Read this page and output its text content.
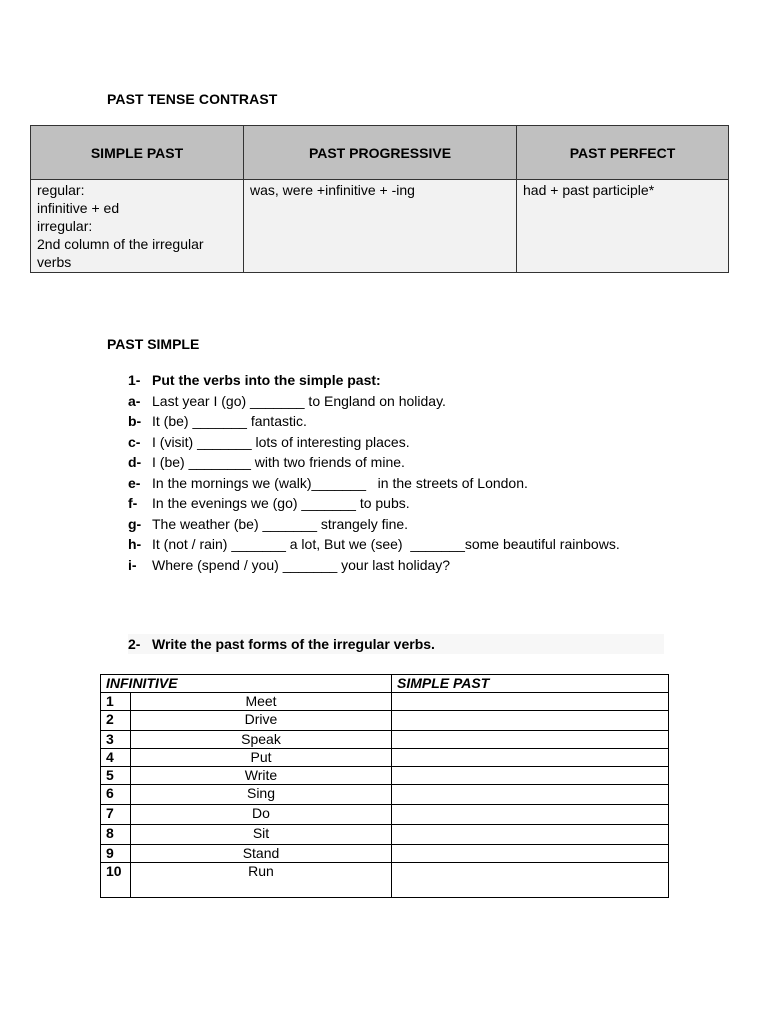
PAST TENSE CONTRAST
SIMPLE PAST	PAST PROGRESSIVE	PAST PERFECT
regular:
infinitive + ed
irregular:
2nd column of the irregular verbs	was, were +infinitive + -ing	had + past participle*
PAST SIMPLE
1- Put the verbs into the simple past:
a- Last year I (go) _______ to England on holiday.
b- It (be) _______ fantastic.
c- I (visit) _______ lots of interesting places.
d- I (be) ________ with two friends of mine.
e- In the mornings we (walk)_______   in the streets of London.
f-	In the evenings we (go) _______ to pubs.
g- The weather (be) _______ strangely fine.
h- It (not / rain) _______ a lot, But we (see)  _______some beautiful rainbows.
i-	Where (spend / you) _______ your last holiday?
2- Write the past forms of the irregular verbs.
INFINITIVE		SIMPLE PAST
1	Meet	
2	Drive	
3	Speak	
4	Put	
5	Write	
6	Sing	
7	Do	
8	Sit	
9	Stand	
10	Run	
